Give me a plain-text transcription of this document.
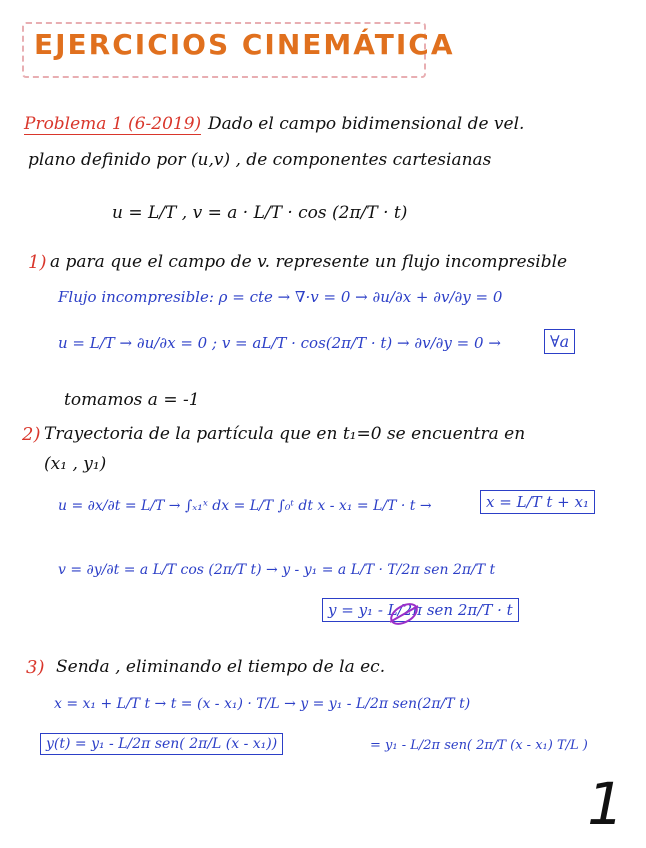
EJERCICIOS CINEMÁTICA
Problema 1 (6-2019) Dado el campo bidimensional de vel.
plano definido por (u,v) , de componentes cartesianas
u = L/T , v = a · L/T · cos (2π/T · t)
1) a para que el campo de v. represente un flujo incompresible
Flujo incompresible: ρ = cte → ∇·v = 0 → ∂u/∂x + ∂v/∂y = 0
u = L/T → ∂u/∂x = 0 ; v = aL/T · cos(2π/T · t) → ∂v/∂y = 0 →	∀a
tomamos a = -1
2) Trayectoria de la partícula que en t₁=0 se encuentra en
(x₁ , y₁)
u = ∂x/∂t = L/T → ∫ₓ₁ˣ dx = L/T ∫₀ᵗ dt x - x₁ = L/T · t →	x = L/T t + x₁
v = ∂y/∂t = a L/T cos (2π/T t) → y - y₁ = a L/T · T/2π sen 2π/T t
y = y₁ - L/2π sen 2π/T · t
3) Senda , eliminando el tiempo de la ec.
x = x₁ + L/T t → t = (x - x₁) · T/L → y = y₁ - L/2π sen(2π/T t)
y(t) = y₁ - L/2π sen( 2π/L (x - x₁))	= y₁ - L/2π sen( 2π/T (x - x₁) T/L )
1
